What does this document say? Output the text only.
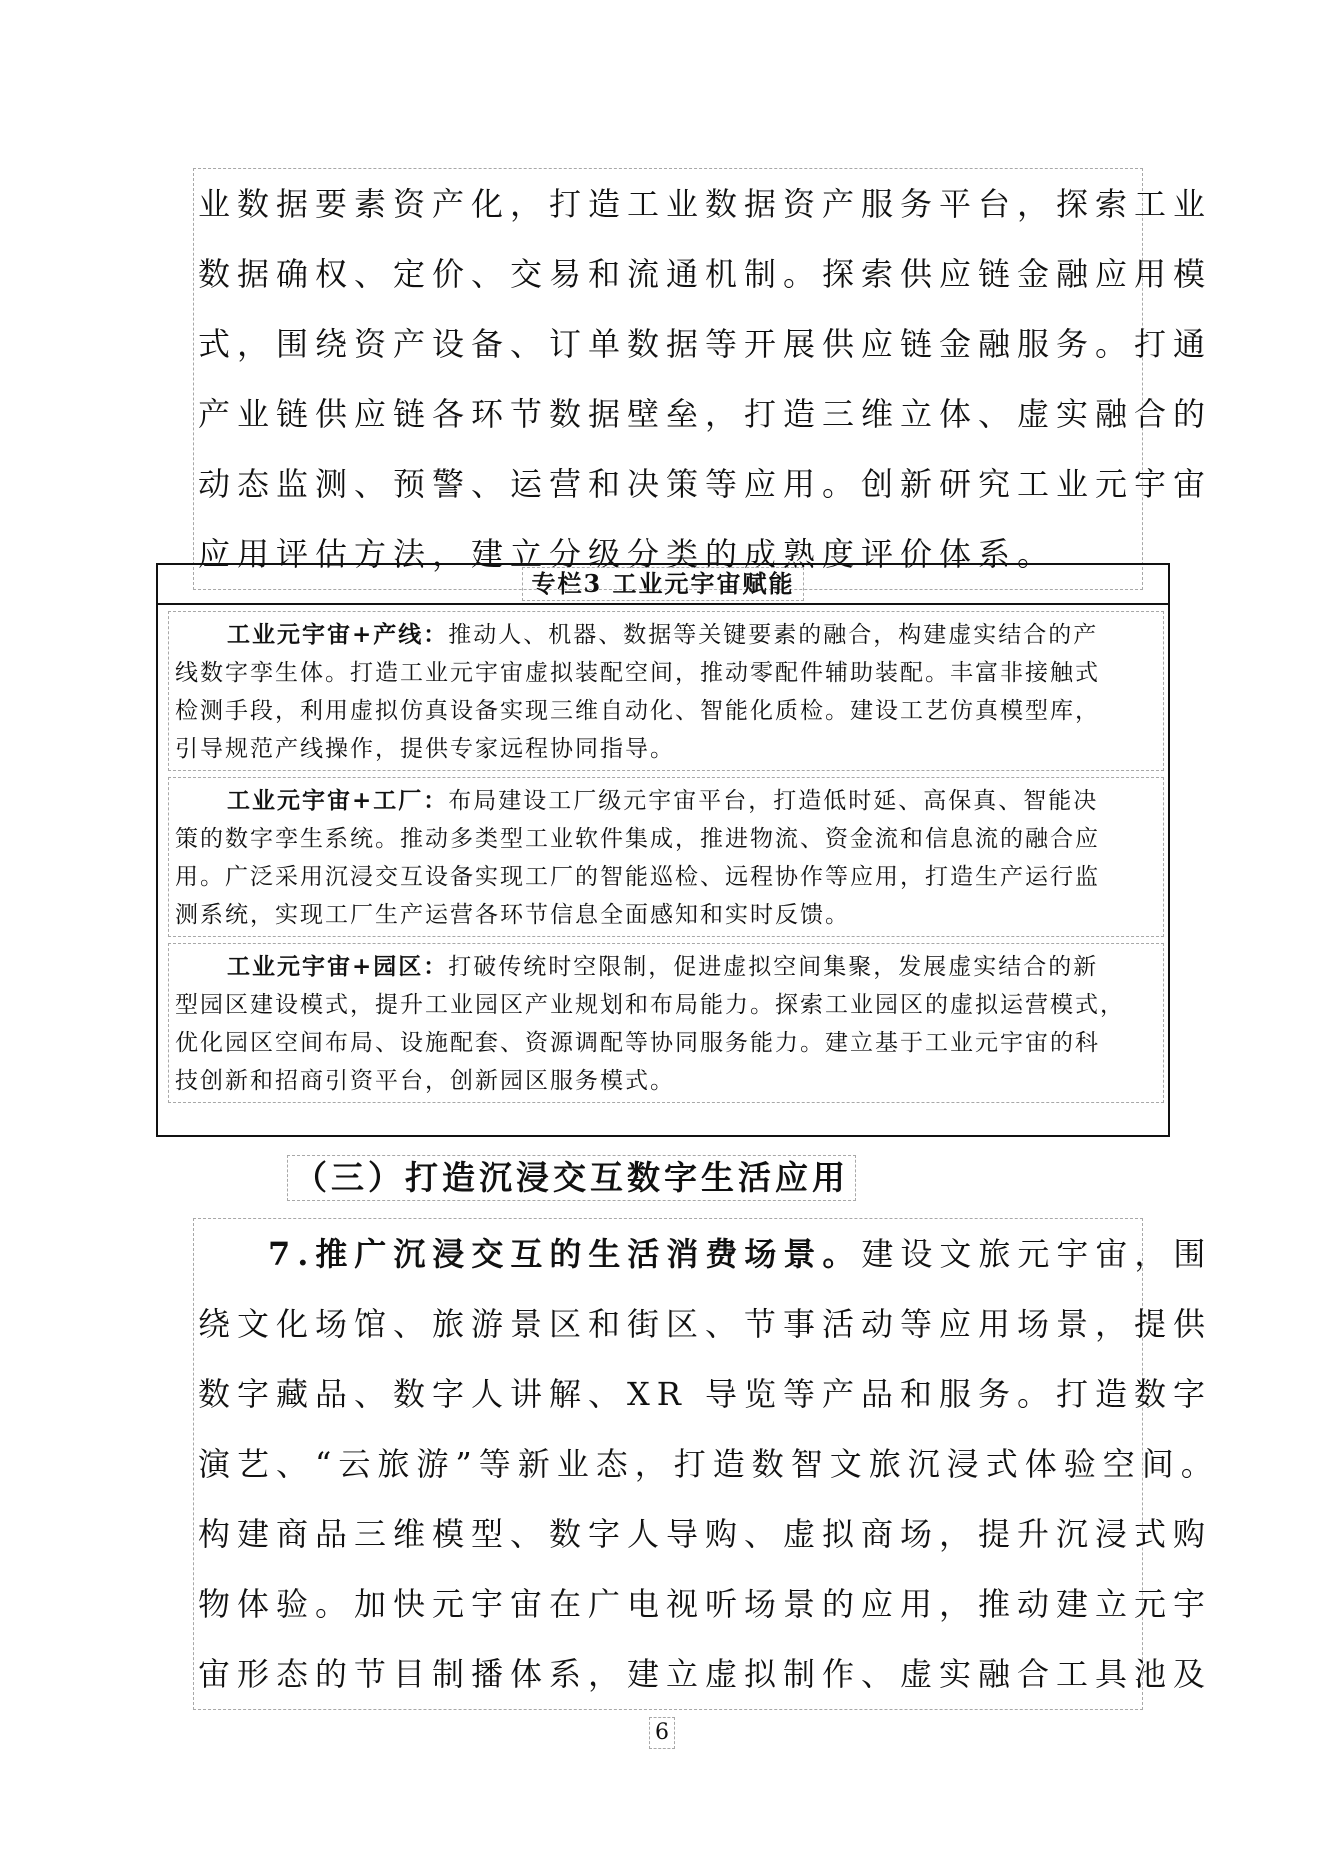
业数据要素资产化，打造工业数据资产服务平台，探索工业
数据确权、定价、交易和流通机制。探索供应链金融应用模
式，围绕资产设备、订单数据等开展供应链金融服务。打通
产业链供应链各环节数据壁垒，打造三维立体、虚实融合的
动态监测、预警、运营和决策等应用。创新研究工业元宇宙
应用评估方法，建立分级分类的成熟度评价体系。
专栏3 工业元宇宙赋能
工业元宇宙+产线：推动人、机器、数据等关键要素的融合，构建虚实结合的产
线数字孪生体。打造工业元宇宙虚拟装配空间，推动零配件辅助装配。丰富非接触式
检测手段，利用虚拟仿真设备实现三维自动化、智能化质检。建设工艺仿真模型库，
引导规范产线操作，提供专家远程协同指导。
工业元宇宙+工厂：布局建设工厂级元宇宙平台，打造低时延、高保真、智能决
策的数字孪生系统。推动多类型工业软件集成，推进物流、资金流和信息流的融合应
用。广泛采用沉浸交互设备实现工厂的智能巡检、远程协作等应用，打造生产运行监
测系统，实现工厂生产运营各环节信息全面感知和实时反馈。
工业元宇宙+园区：打破传统时空限制，促进虚拟空间集聚，发展虚实结合的新
型园区建设模式，提升工业园区产业规划和布局能力。探索工业园区的虚拟运营模式，
优化园区空间布局、设施配套、资源调配等协同服务能力。建立基于工业元宇宙的科
技创新和招商引资平台，创新园区服务模式。
（三）打造沉浸交互数字生活应用
7.推广沉浸交互的生活消费场景。建设文旅元宇宙，围
绕文化场馆、旅游景区和街区、节事活动等应用场景，提供
数字藏品、数字人讲解、XR 导览等产品和服务。打造数字
演艺、“云旅游”等新业态，打造数智文旅沉浸式体验空间。
构建商品三维模型、数字人导购、虚拟商场，提升沉浸式购
物体验。加快元宇宙在广电视听场景的应用，推动建立元宇
宙形态的节目制播体系，建立虚拟制作、虚实融合工具池及
6
